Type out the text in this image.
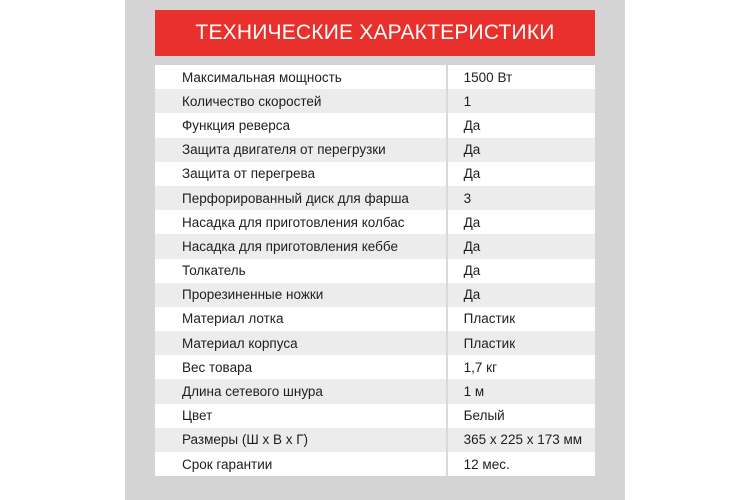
ТЕХНИЧЕСКИЕ ХАРАКТЕРИСТИКИ
Максимальная мощность	1500 Вт
Количество скоростей	1
Функция реверса	Да
Защита двигателя от перегрузки	Да
Защита от перегрева	Да
Перфорированный диск для фарша	3
Насадка для приготовления колбас	Да
Насадка для приготовления кеббе	Да
Толкатель	Да
Прорезиненные ножки	Да
Материал лотка	Пластик
Материал корпуса	Пластик
Вес товара	1,7 кг
Длина сетевого шнура	1 м
Цвет	Белый
Размеры (Ш х В х Г)	365 х 225 х 173 мм
Срок гарантии	12 мес.
